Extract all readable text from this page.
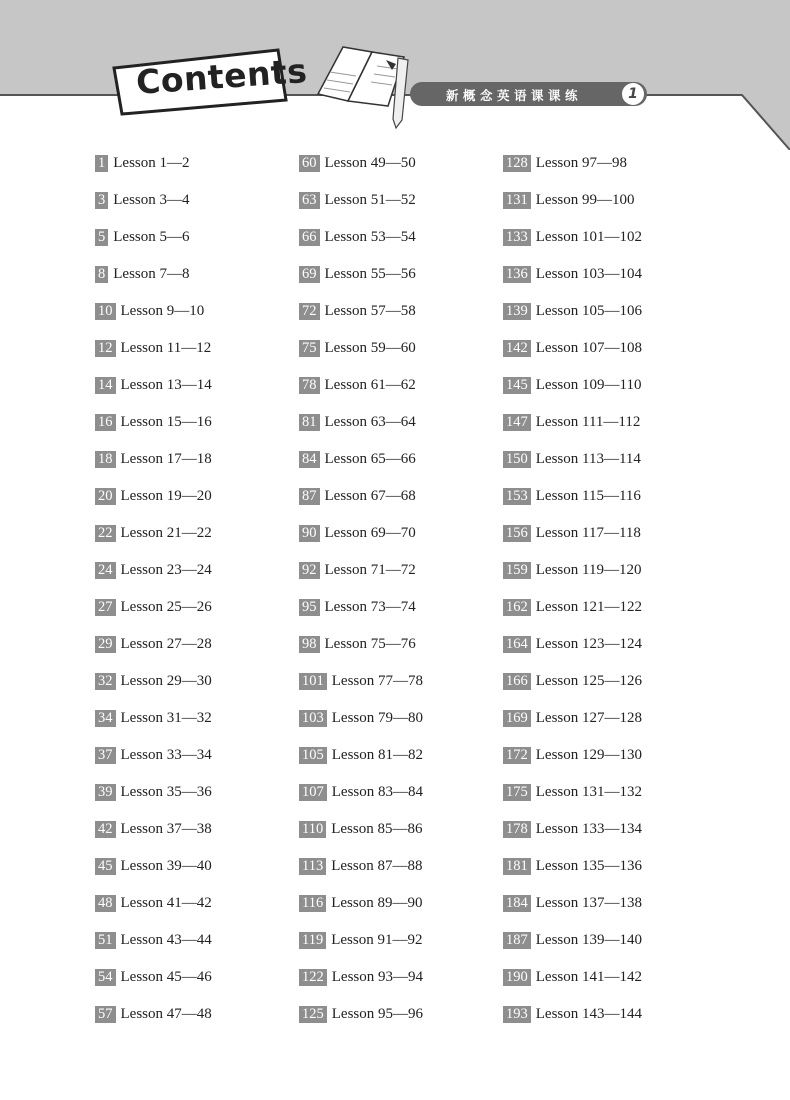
Contents	新概念英语课课练	1
1 Lesson 1—2
3 Lesson 3—4
5 Lesson 5—6
8 Lesson 7—8
10 Lesson 9—10
12 Lesson 11—12
14 Lesson 13—14
16 Lesson 15—16
18 Lesson 17—18
20 Lesson 19—20
22 Lesson 21—22
24 Lesson 23—24
27 Lesson 25—26
29 Lesson 27—28
32 Lesson 29—30
34 Lesson 31—32
37 Lesson 33—34
39 Lesson 35—36
42 Lesson 37—38
45 Lesson 39—40
48 Lesson 41—42
51 Lesson 43—44
54 Lesson 45—46
57 Lesson 47—48
60 Lesson 49—50
63 Lesson 51—52
66 Lesson 53—54
69 Lesson 55—56
72 Lesson 57—58
75 Lesson 59—60
78 Lesson 61—62
81 Lesson 63—64
84 Lesson 65—66
87 Lesson 67—68
90 Lesson 69—70
92 Lesson 71—72
95 Lesson 73—74
98 Lesson 75—76
101 Lesson 77—78
103 Lesson 79—80
105 Lesson 81—82
107 Lesson 83—84
110 Lesson 85—86
113 Lesson 87—88
116 Lesson 89—90
119 Lesson 91—92
122 Lesson 93—94
125 Lesson 95—96
128 Lesson 97—98
131 Lesson 99—100
133 Lesson 101—102
136 Lesson 103—104
139 Lesson 105—106
142 Lesson 107—108
145 Lesson 109—110
147 Lesson 111—112
150 Lesson 113—114
153 Lesson 115—116
156 Lesson 117—118
159 Lesson 119—120
162 Lesson 121—122
164 Lesson 123—124
166 Lesson 125—126
169 Lesson 127—128
172 Lesson 129—130
175 Lesson 131—132
178 Lesson 133—134
181 Lesson 135—136
184 Lesson 137—138
187 Lesson 139—140
190 Lesson 141—142
193 Lesson 143—144
